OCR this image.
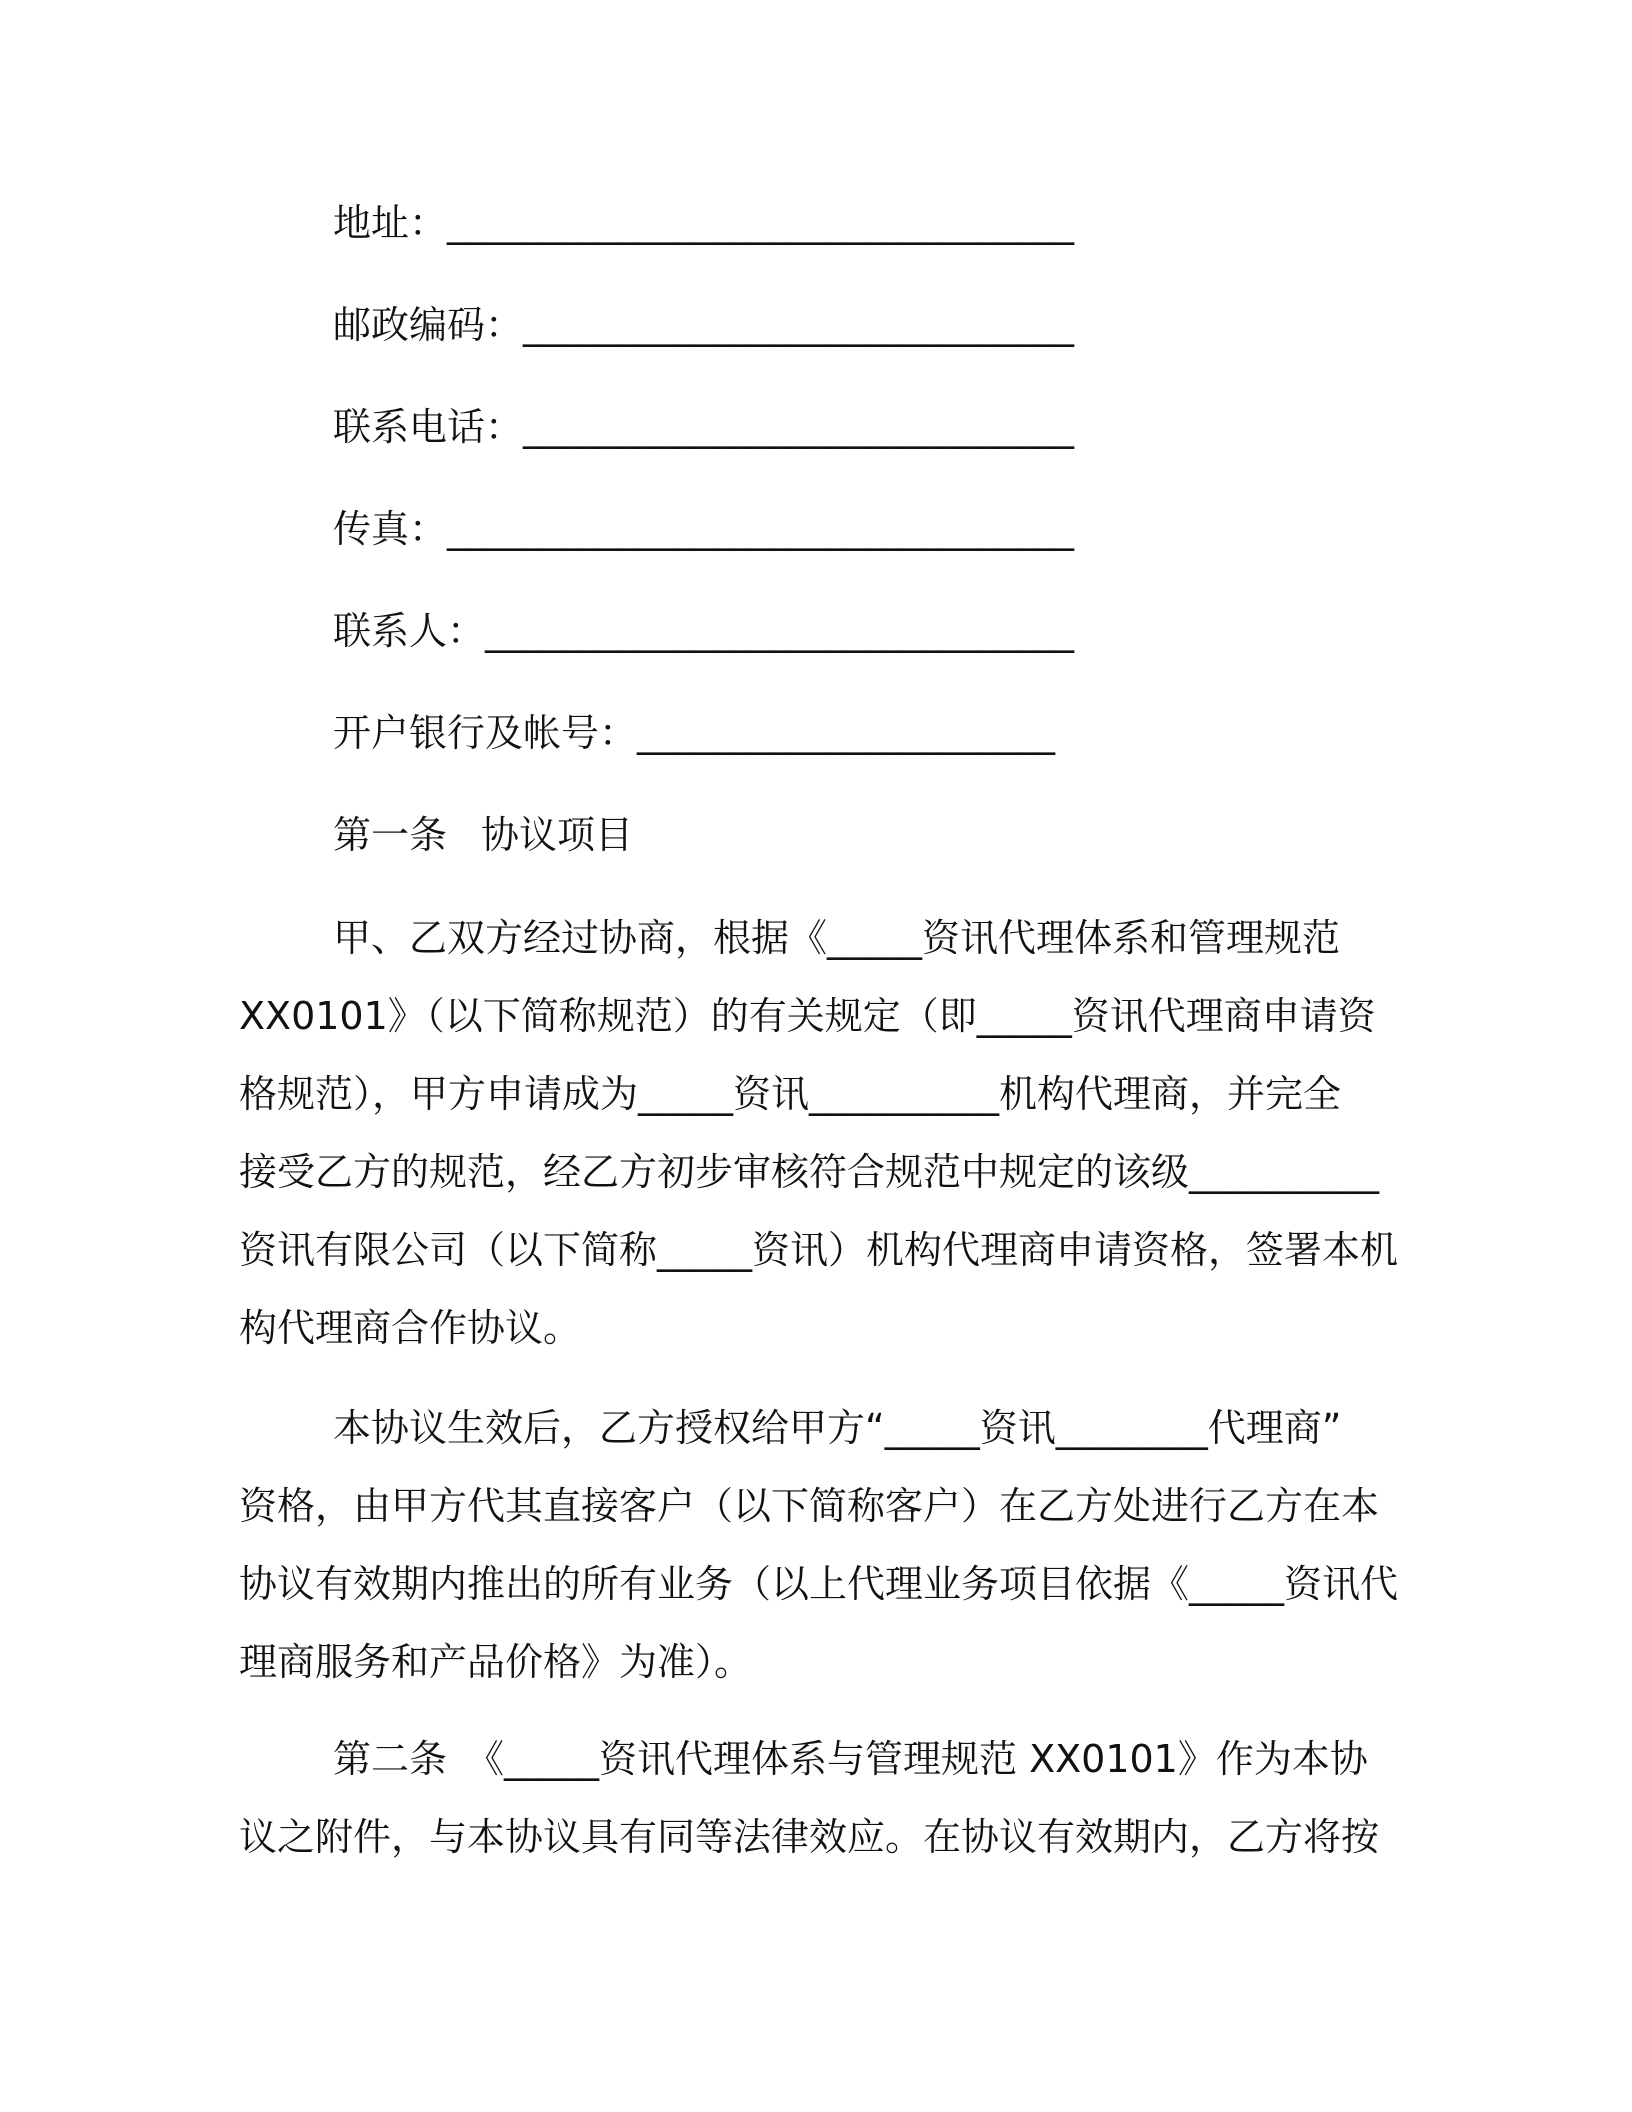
地址：_________________________________
邮政编码：_____________________________
联系电话：_____________________________
传真：_________________________________
联系人：_______________________________
开户银行及帐号：______________________
第一条 协议项目
甲、乙双方经过协商，根据《_____资讯代理体系和管理规范
XX0101》（以下简称规范）的有关规定（即_____资讯代理商申请资
格规范），甲方申请成为_____资讯__________机构代理商，并完全
接受乙方的规范，经乙方初步审核符合规范中规定的该级__________
资讯有限公司（以下简称_____资讯）机构代理商申请资格，签署本机
构代理商合作协议。
本协议生效后，乙方授权给甲方“_____资讯________代理商”
资格，由甲方代其直接客户（以下简称客户）在乙方处进行乙方在本
协议有效期内推出的所有业务（以上代理业务项目依据《_____资讯代
理商服务和产品价格》为准）。
第二条　《_____资讯代理体系与管理规范 XX0101》作为本协
议之附件，与本协议具有同等法律效应。在协议有效期内，乙方将按
